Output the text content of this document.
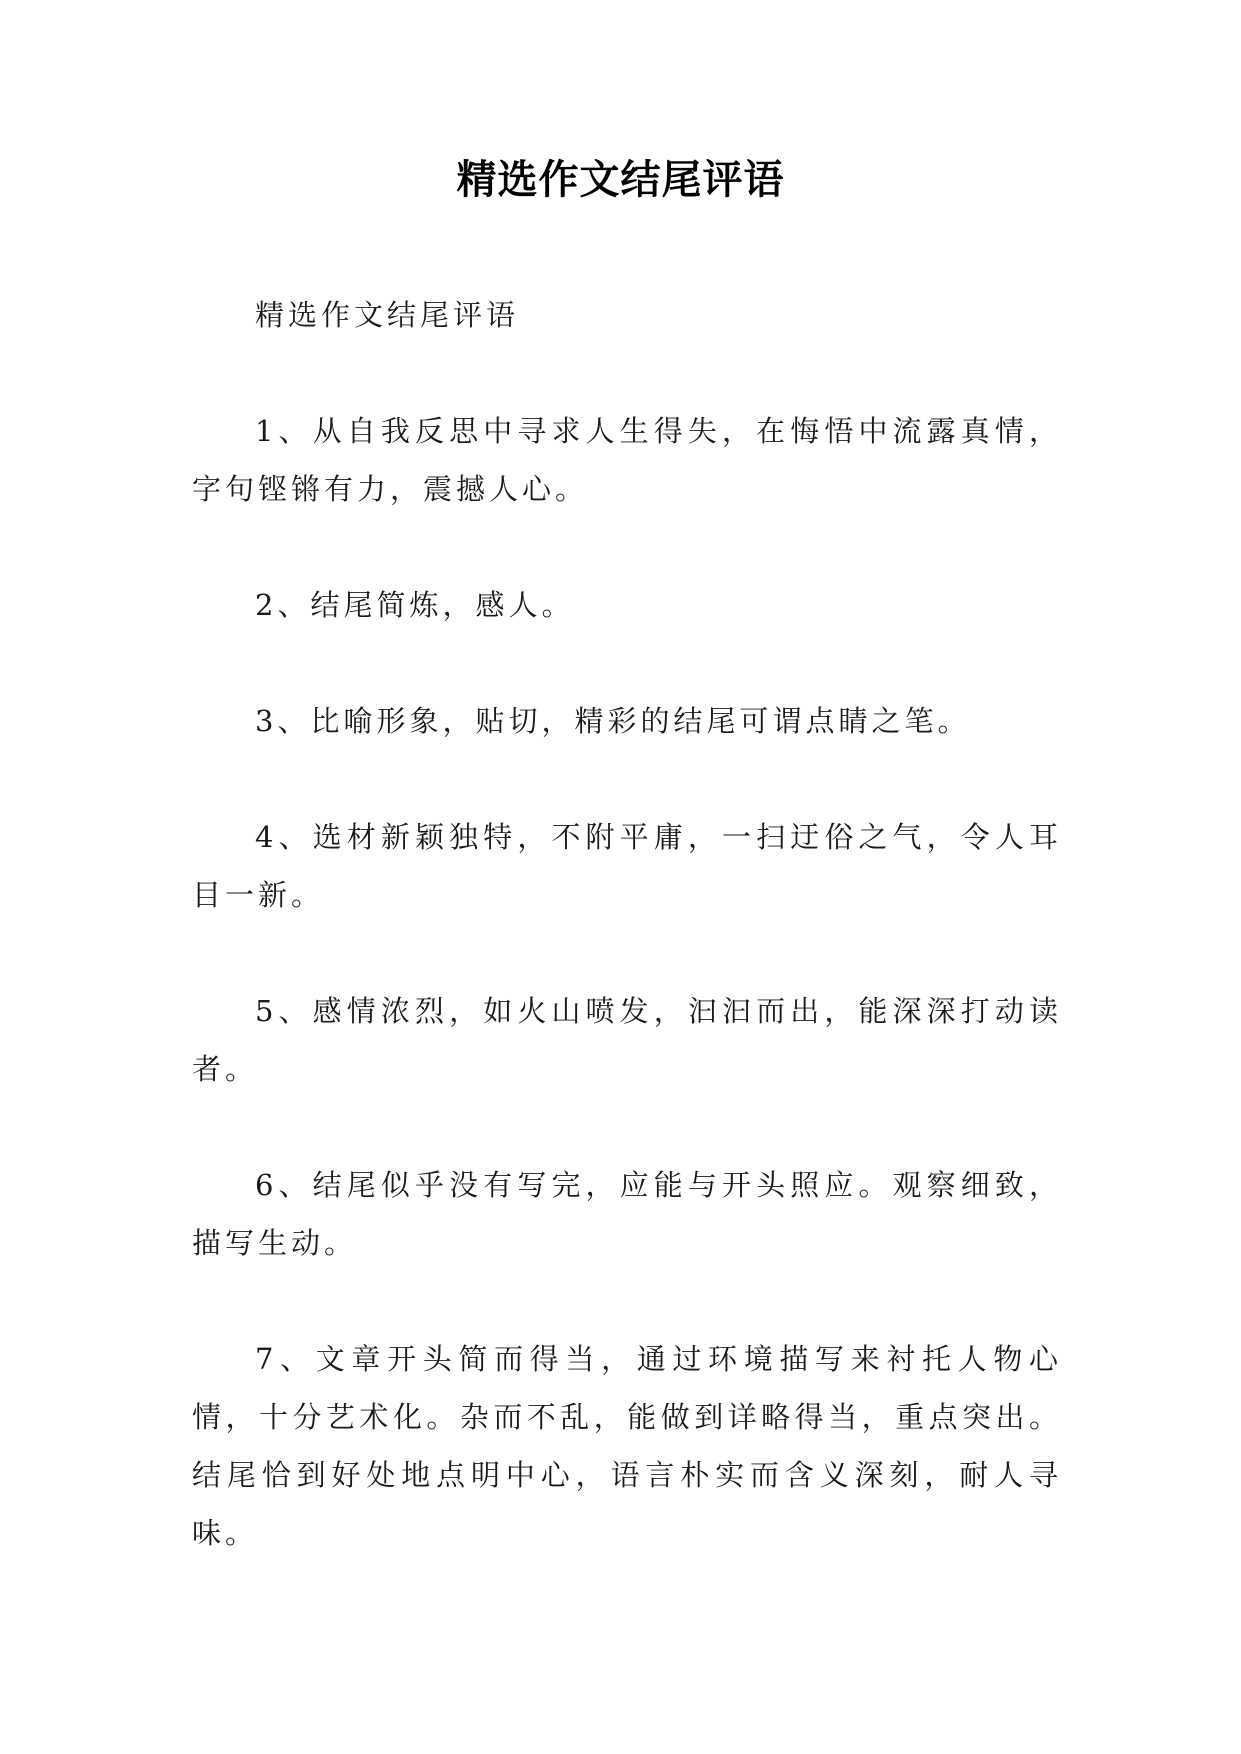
精选作文结尾评语

精选作文结尾评语

1、从自我反思中寻求人生得失，在悔悟中流露真情，字句铿锵有力，震撼人心。

2、结尾简炼，感人。

3、比喻形象，贴切，精彩的结尾可谓点睛之笔。

4、选材新颖独特，不附平庸，一扫迂俗之气，令人耳目一新。

5、感情浓烈，如火山喷发，汩汩而出，能深深打动读者。

6、结尾似乎没有写完，应能与开头照应。观察细致，描写生动。

7、文章开头简而得当，通过环境描写来衬托人物心情，十分艺术化。杂而不乱，能做到详略得当，重点突出。结尾恰到好处地点明中心，语言朴实而含义深刻，耐人寻味。
